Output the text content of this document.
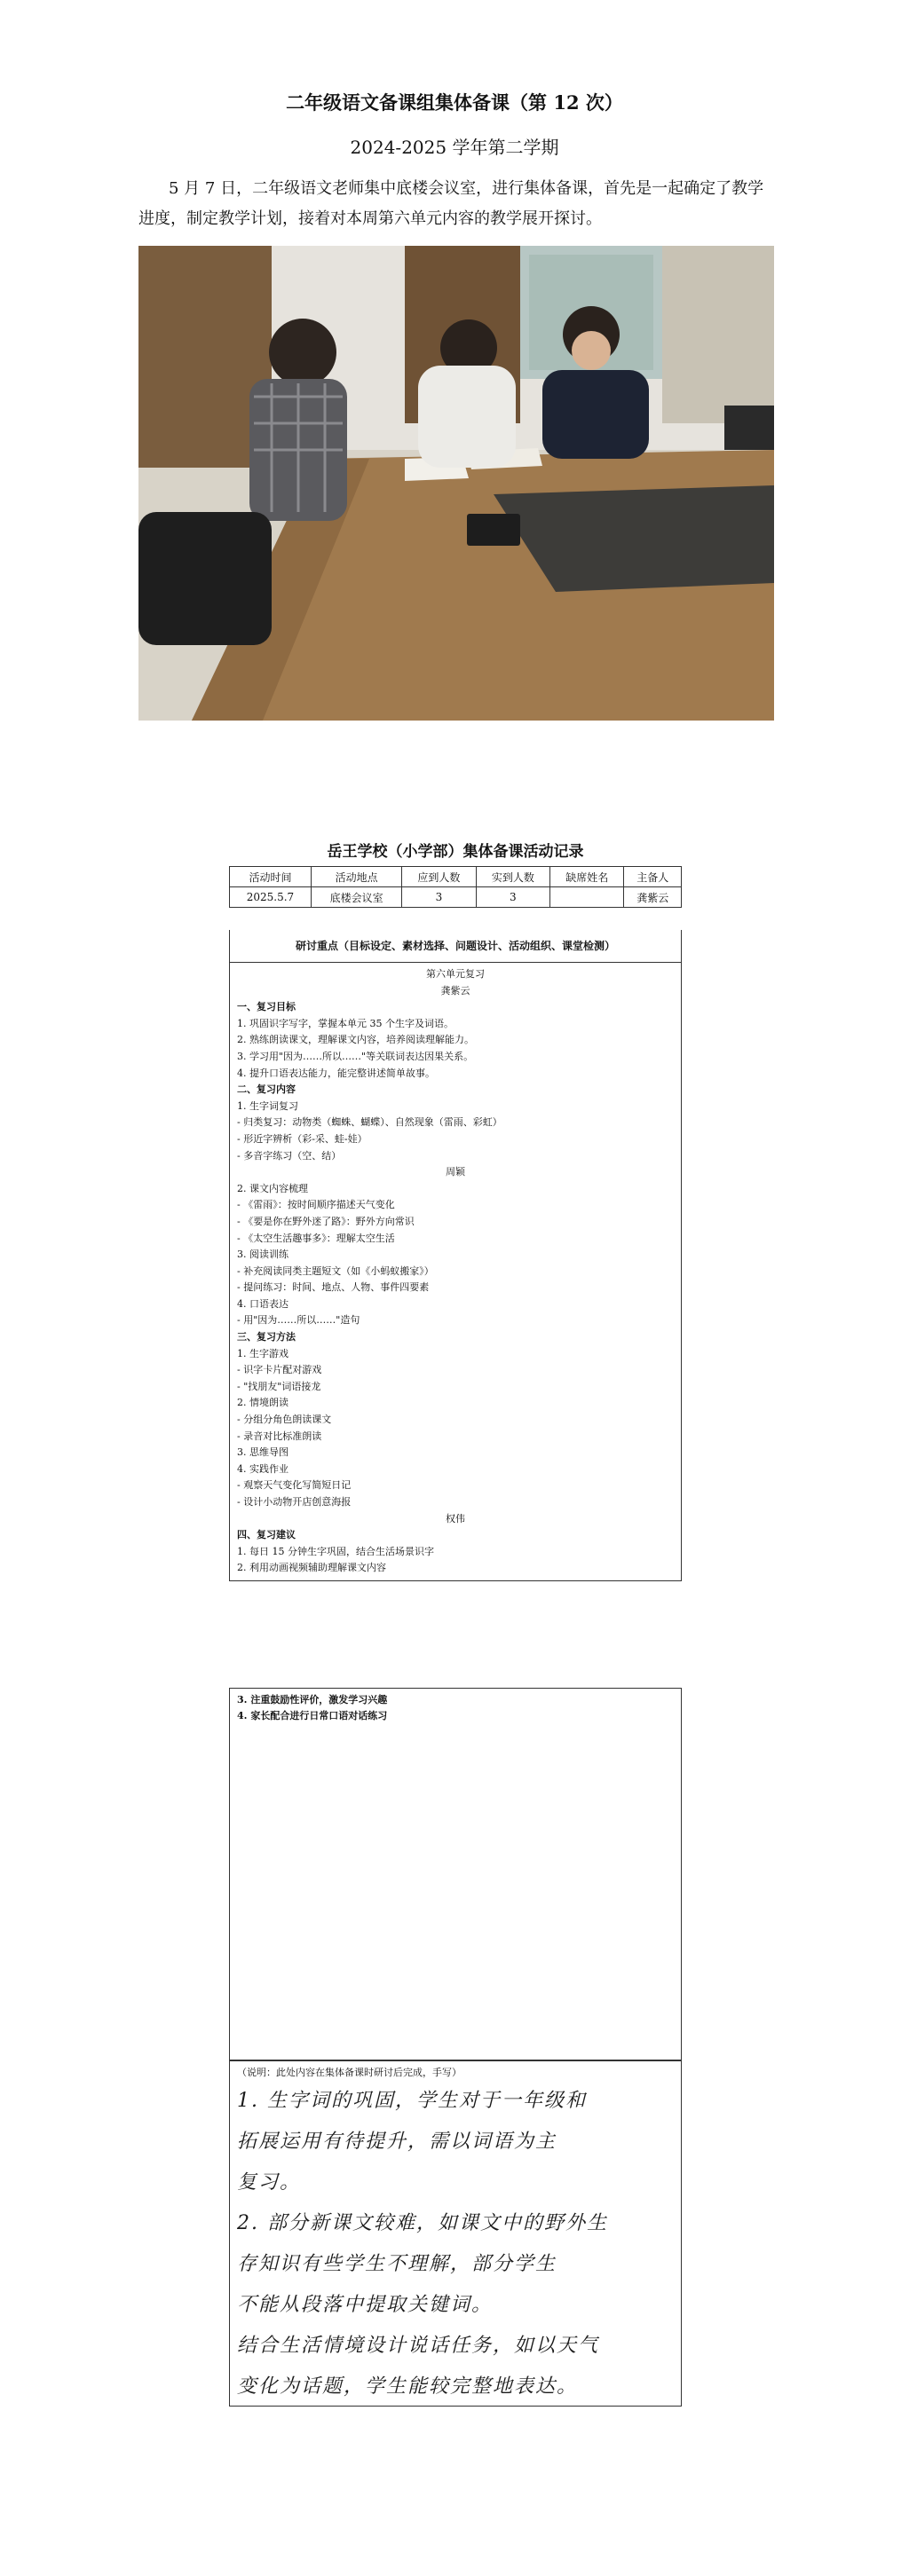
二年级语文备课组集体备课（第 12 次）
2024-2025 学年第二学期
5 月 7 日，二年级语文老师集中底楼会议室，进行集体备课，首先是一起确定了教学进度，制定教学计划，接着对本周第六单元内容的教学展开探讨。
岳王学校（小学部）集体备课活动记录
活动时间	活动地点	应到人数	实到人数	缺席姓名	主备人
2025.5.7	底楼会议室	3	3		龚紫云
研讨重点（目标设定、素材选择、问题设计、活动组织、课堂检测）
第六单元复习
龚紫云
一、复习目标
1. 巩固识字写字，掌握本单元 35 个生字及词语。
2. 熟练朗读课文，理解课文内容，培养阅读理解能力。
3. 学习用"因为……所以……"等关联词表达因果关系。
4. 提升口语表达能力，能完整讲述简单故事。
二、复习内容
1. 生字词复习
- 归类复习：动物类（蜘蛛、蝴蝶）、自然现象（雷雨、彩虹）
- 形近字辨析（彩-采、蛙-娃）
- 多音字练习（空、结）
周颖
2. 课文内容梳理
- 《雷雨》：按时间顺序描述天气变化
- 《要是你在野外迷了路》：野外方向常识
- 《太空生活趣事多》：理解太空生活
3. 阅读训练
- 补充阅读同类主题短文（如《小蚂蚁搬家》）
- 提问练习：时间、地点、人物、事件四要素
4. 口语表达
- 用"因为……所以……"造句
三、复习方法
1. 生字游戏
- 识字卡片配对游戏
- "找朋友"词语接龙
2. 情境朗读
- 分组分角色朗读课文
- 录音对比标准朗读
3. 思维导图
4. 实践作业
- 观察天气变化写简短日记
- 设计小动物开店创意海报
权伟
四、复习建议
1. 每日 15 分钟生字巩固，结合生活场景识字
2. 利用动画视频辅助理解课文内容
3. 注重鼓励性评价，激发学习兴趣
4. 家长配合进行日常口语对话练习
（说明：此处内容在集体备课时研讨后完成，手写）
1. 生字词的巩固，学生对于一年级和
拓展运用有待提升，需以词语为主
复习。
2. 部分新课文较难，如课文中的野外生
存知识有些学生不理解，部分学生
不能从段落中提取关键词。
结合生活情境设计说话任务，如以天气
变化为话题，学生能较完整地表达。
